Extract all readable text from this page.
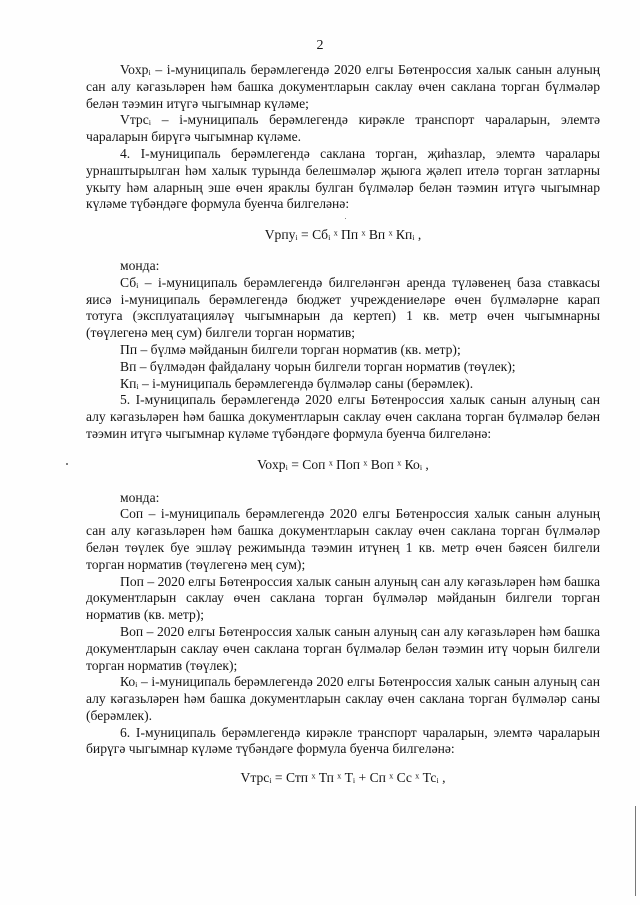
2

Voxpᵢ – i-муниципаль берәмлегендә 2020 елгы Бөтенроссия халык санын алуның сан алу кәгазьләрен һәм башка документларын саклау өчен саклана торган бүлмәләр белән тәэмин итүгә чыгымнар күләме;

Vтрсᵢ – i-муниципаль берәмлегендә кирәкле транспорт чараларын, элемтә чараларын бирүгә чыгымнар күләме.

4. I-муниципаль берәмлегендә саклана торган, җиһазлар, элемтә чаралары урнаштырылган һәм халык турында белешмәләр җыюга җәлеп ителә торган затларны укыту һәм аларның эше өчен яраклы булган бүлмәләр белән тәэмин итүгә чыгымнар күләме түбәндәге формула буенча билгеләнә:

Vрпуᵢ = Cбᵢ ˣ Пп ˣ Вп ˣ Кпᵢ ,

монда:

Сбᵢ – i-муниципаль берәмлегендә билгеләнгән аренда түләвенең база ставкасы яисә i-муниципаль берәмлегендә бюджет учреждениеләре өчен бүлмәләрне карап тотуга (эксплуатацияләү чыгымнарын да кертеп) 1 кв. метр өчен чыгымнарны (төүлегенә мең сум) билгели торган норматив;

Пп – бүлмә мәйданын билгели торган норматив (кв. метр);

Вп – бүлмәдән файдалану чорын билгели торган норматив (төүлек);

Кпᵢ – i-муниципаль берәмлегендә бүлмәләр саны (берәмлек).

5. I-муниципаль берәмлегендә 2020 елгы Бөтенроссия халык санын алуның сан алу кәгазьләрен һәм башка документларын саклау өчен саклана торган бүлмәләр белән тәэмин итүгә чыгымнар күләме түбәндәге формула буенча билгеләнә:

Voxpᵢ = Соп ˣ Поп ˣ Воп ˣ Коᵢ ,

монда:

Соп – i-муниципаль берәмлегендә 2020 елгы Бөтенроссия халык санын алуның сан алу кәгазьләрен һәм башка документларын саклау өчен саклана торган бүлмәләр белән төүлек буе эшләү режимында тәэмин итүнең 1 кв. метр өчен бәясен билгели торган норматив (төүлегенә мең сум);

Поп – 2020 елгы Бөтенроссия халык санын алуның сан алу кәгазьләрен һәм башка документларын саклау өчен саклана торган бүлмәләр мәйданын билгели торган норматив (кв. метр);

Воп – 2020 елгы Бөтенроссия халык санын алуның сан алу кәгазьләрен һәм башка документларын саклау өчен саклана торган бүлмәләр белән тәэмин итү чорын билгели торган норматив (төүлек);

Коᵢ – i-муниципаль берәмлегендә 2020 елгы Бөтенроссия халык санын алуның сан алу кәгазьләрен һәм башка документларын саклау өчен саклана торган бүлмәләр саны (берәмлек).

6. I-муниципаль берәмлегендә кирәкле транспорт чараларын, элемтә чараларын бирүгә чыгымнар күләме түбәндәге формула буенча билгеләнә:

Vтрсᵢ = Стп ˣ Тп ˣ Тᵢ + Сп ˣ Сс ˣ Тсᵢ ,
